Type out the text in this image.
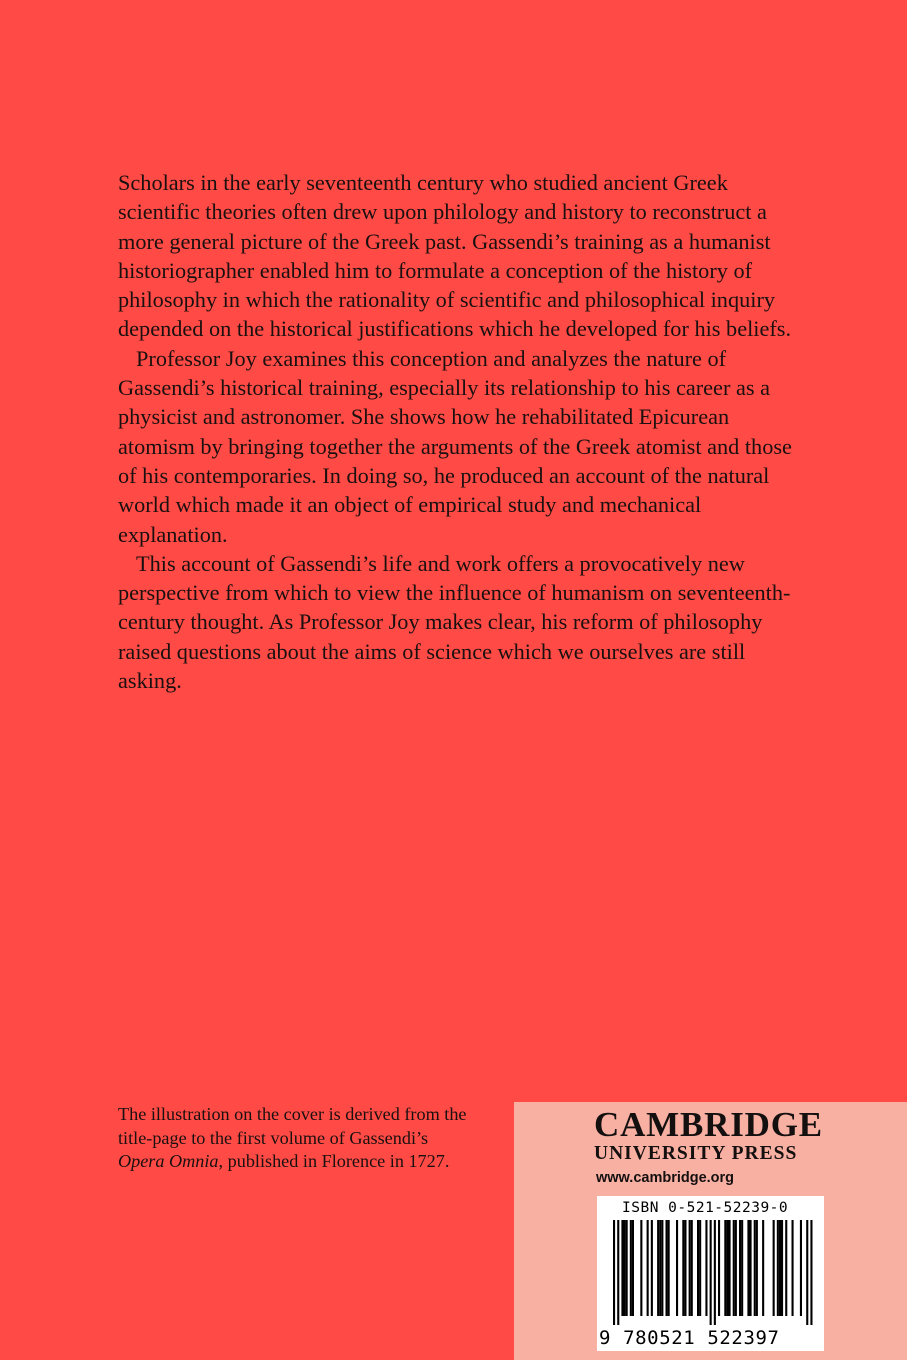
Scholars in the early seventeenth century who studied ancient Greek scientific theories often drew upon philology and history to reconstruct a more general picture of the Greek past. Gassendi’s training as a humanist historiographer enabled him to formulate a conception of the history of philosophy in which the rationality of scientific and philosophical inquiry depended on the historical justifications which he developed for his beliefs.

Professor Joy examines this conception and analyzes the nature of Gassendi’s historical training, especially its relationship to his career as a physicist and astronomer. She shows how he rehabilitated Epicurean atomism by bringing together the arguments of the Greek atomist and those of his contemporaries. In doing so, he produced an account of the natural world which made it an object of empirical study and mechanical explanation.

This account of Gassendi’s life and work offers a provocatively new perspective from which to view the influence of humanism on seventeenth-century thought. As Professor Joy makes clear, his reform of philosophy raised questions about the aims of science which we ourselves are still asking.

The illustration on the cover is derived from the title-page to the first volume of Gassendi’s Opera Omnia, published in Florence in 1727.

CAMBRIDGE
UNIVERSITY PRESS
www.cambridge.org
ISBN 0-521-52239-0
9 780521 522397
